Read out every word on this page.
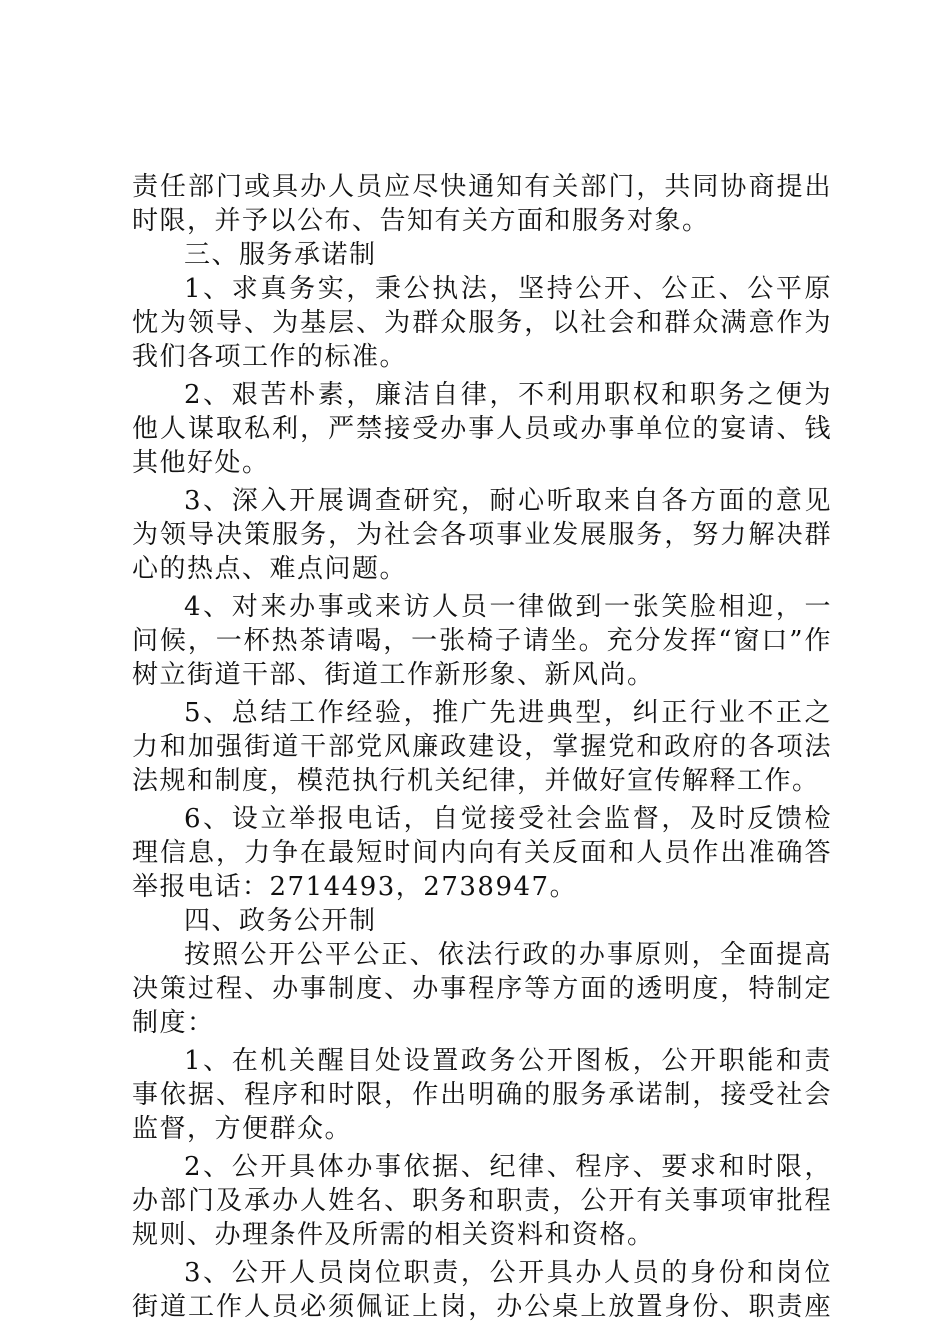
责任部门或具办人员应尽快通知有关部门，共同协商提出
时限，并予以公布、告知有关方面和服务对象。
三、服务承诺制
1、求真务实，秉公执法，坚持公开、公正、公平原
忱为领导、为基层、为群众服务，以社会和群众满意作为
我们各项工作的标准。
2、艰苦朴素，廉洁自律，不利用职权和职务之便为
他人谋取私利，严禁接受办事人员或办事单位的宴请、钱
其他好处。
3、深入开展调查研究，耐心听取来自各方面的意见
为领导决策服务，为社会各项事业发展服务，努力解决群
心的热点、难点问题。
4、对来办事或来访人员一律做到一张笑脸相迎，一
问候，一杯热茶请喝，一张椅子请坐。充分发挥“窗口”作
树立街道干部、街道工作新形象、新风尚。
5、总结工作经验，推广先进典型，纠正行业不正之
力和加强街道干部党风廉政建设，掌握党和政府的各项法
法规和制度，模范执行机关纪律，并做好宣传解释工作。
6、设立举报电话，自觉接受社会监督，及时反馈检
理信息，力争在最短时间内向有关反面和人员作出准确答
举报电话：2714493，2738947。
四、政务公开制
按照公开公平公正、依法行政的办事原则，全面提高
决策过程、办事制度、办事程序等方面的透明度，特制定
制度：
1、在机关醒目处设置政务公开图板，公开职能和责
事依据、程序和时限，作出明确的服务承诺制，接受社会
监督，方便群众。
2、公开具体办事依据、纪律、程序、要求和时限，
办部门及承办人姓名、职务和职责，公开有关事项审批程
规则、办理条件及所需的相关资料和资格。
3、公开人员岗位职责，公开具办人员的身份和岗位
街道工作人员必须佩证上岗，办公桌上放置身份、职责座
